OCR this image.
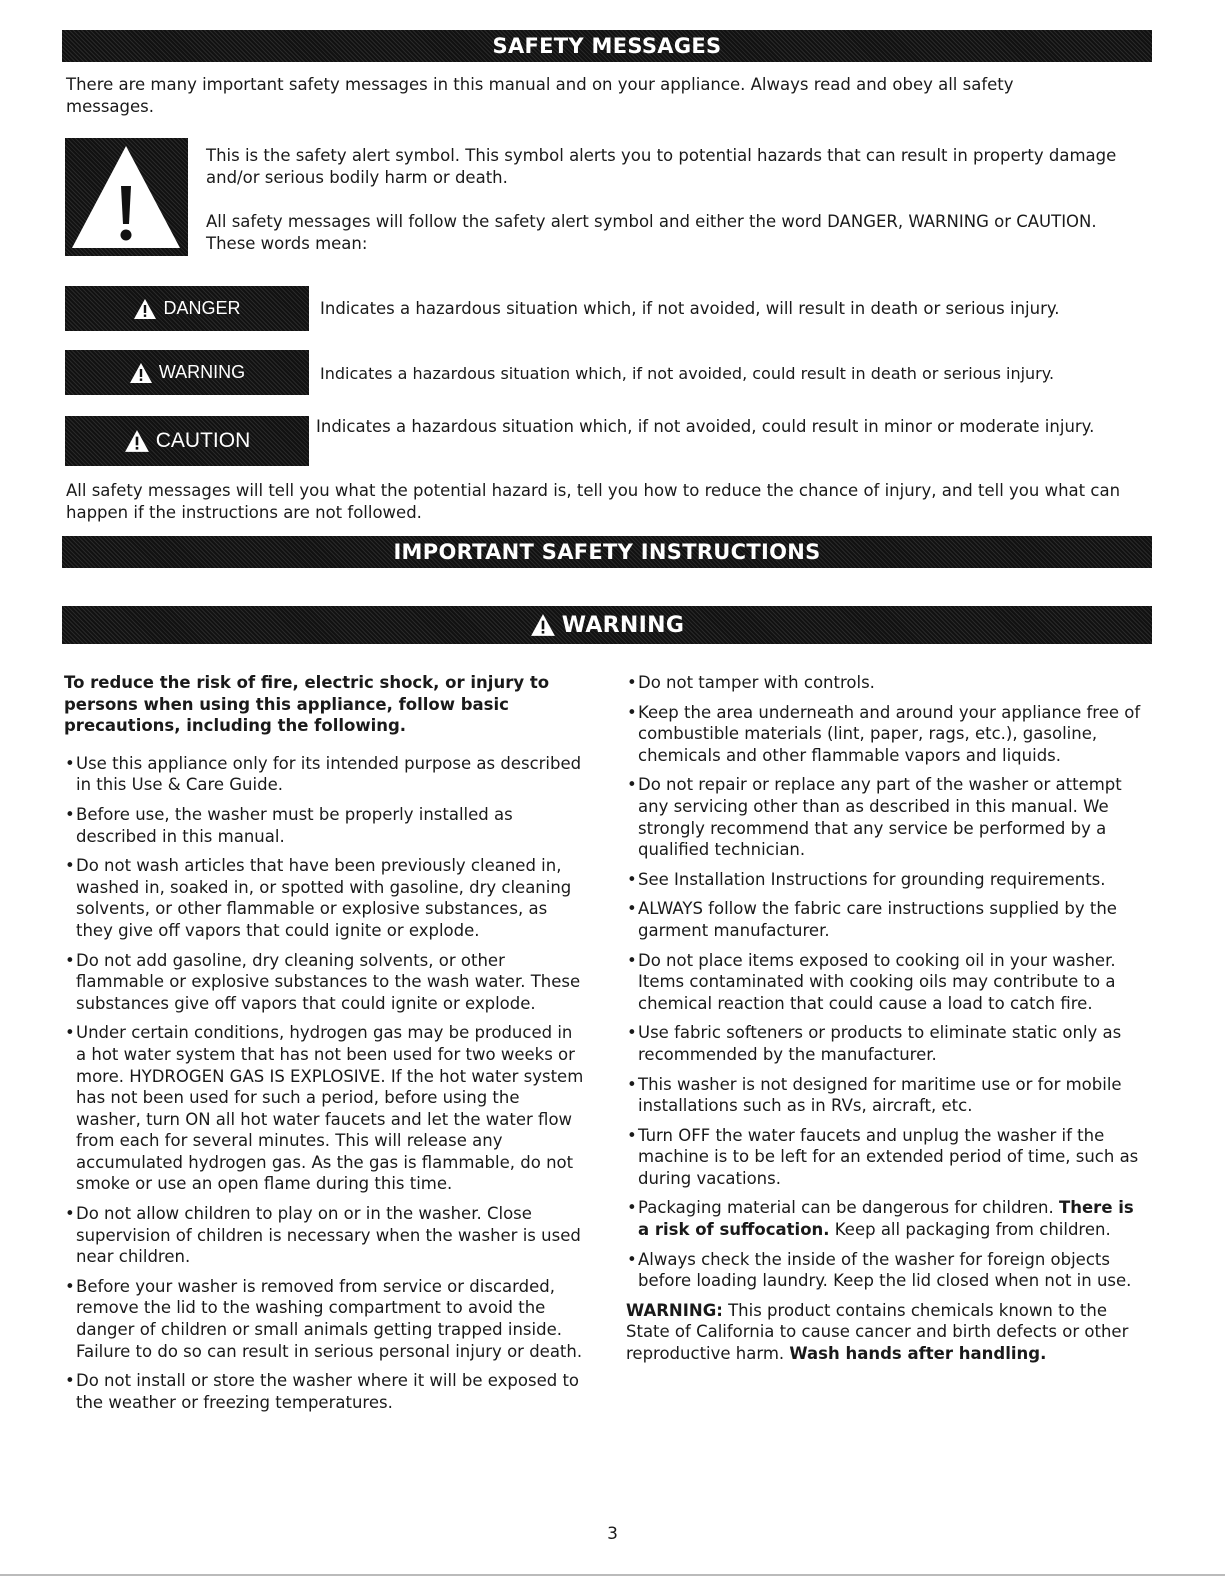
SAFETY MESSAGES

There are many important safety messages in this manual and on your appliance. Always read and obey all safety messages.

This is the safety alert symbol. This symbol alerts you to potential hazards that can result in property damage and/or serious bodily harm or death.

All safety messages will follow the safety alert symbol and either the word DANGER, WARNING or CAUTION. These words mean:

DANGER	Indicates a hazardous situation which, if not avoided, will result in death or serious injury.
WARNING	Indicates a hazardous situation which, if not avoided, could result in death or serious injury.
CAUTION
Indicates a hazardous situation which, if not avoided, could result in minor or moderate injury.

All safety messages will tell you what the potential hazard is, tell you how to reduce the chance of injury, and tell you what can happen if the instructions are not followed.

IMPORTANT SAFETY INSTRUCTIONS
WARNING

To reduce the risk of fire, electric shock, or injury to persons when using this appliance, follow basic precautions, including the following.

• Use this appliance only for its intended purpose as described in this Use & Care Guide.

• Before use, the washer must be properly installed as described in this manual.

• Do not wash articles that have been previously cleaned in, washed in, soaked in, or spotted with gasoline, dry cleaning solvents, or other flammable or explosive substances, as they give off vapors that could ignite or explode.

• Do not add gasoline, dry cleaning solvents, or other flammable or explosive substances to the wash water. These substances give off vapors that could ignite or explode.

• Under certain conditions, hydrogen gas may be produced in a hot water system that has not been used for two weeks or more. HYDROGEN GAS IS EXPLOSIVE. If the hot water system has not been used for such a period, before using the washer, turn ON all hot water faucets and let the water flow from each for several minutes. This will release any accumulated hydrogen gas. As the gas is flammable, do not smoke or use an open flame during this time.

• Do not allow children to play on or in the washer. Close supervision of children is necessary when the washer is used near children.

• Before your washer is removed from service or discarded, remove the lid to the washing compartment to avoid the danger of children or small animals getting trapped inside. Failure to do so can result in serious personal injury or death.

• Do not install or store the washer where it will be exposed to the weather or freezing temperatures.

• Do not tamper with controls.

• Keep the area underneath and around your appliance free of combustible materials (lint, paper, rags, etc.), gasoline, chemicals and other flammable vapors and liquids.

• Do not repair or replace any part of the washer or attempt any servicing other than as described in this manual. We strongly recommend that any service be performed by a qualified technician.

• See Installation Instructions for grounding requirements.

• ALWAYS follow the fabric care instructions supplied by the garment manufacturer.

• Do not place items exposed to cooking oil in your washer. Items contaminated with cooking oils may contribute to a chemical reaction that could cause a load to catch fire.

• Use fabric softeners or products to eliminate static only as recommended by the manufacturer.

• This washer is not designed for maritime use or for mobile installations such as in RVs, aircraft, etc.

• Turn OFF the water faucets and unplug the washer if the machine is to be left for an extended period of time, such as during vacations.

• Packaging material can be dangerous for children. There is a risk of suffocation. Keep all packaging from children.

• Always check the inside of the washer for foreign objects before loading laundry. Keep the lid closed when not in use.

WARNING: This product contains chemicals known to the State of California to cause cancer and birth defects or other reproductive harm. Wash hands after handling.

3
